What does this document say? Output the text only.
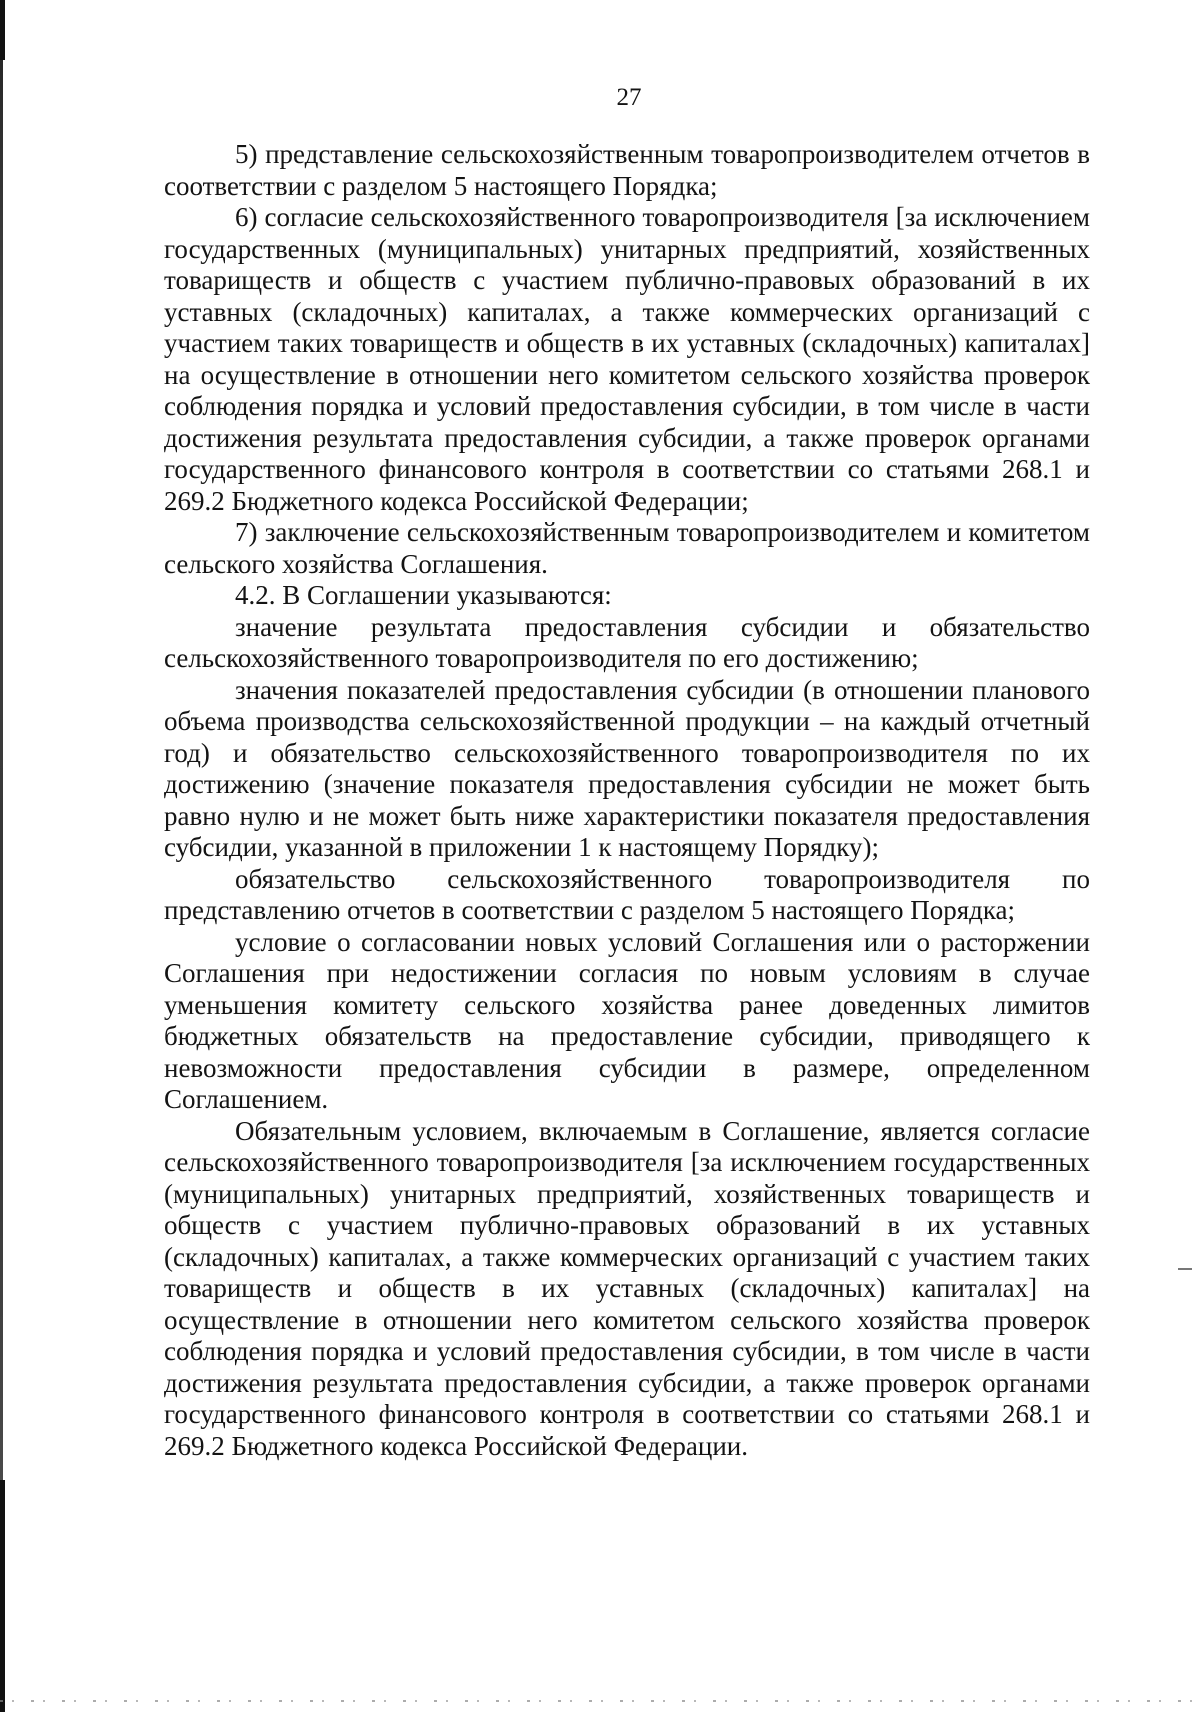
27

5) представление сельскохозяйственным товаропроизводителем отчетов в соответствии с разделом 5 настоящего Порядка;

6) согласие сельскохозяйственного товаропроизводителя [за исключением государственных (муниципальных) унитарных предприятий, хозяйственных товариществ и обществ с участием публично-правовых образований в их уставных (складочных) капиталах, а также коммерческих организаций с участием таких товариществ и обществ в их уставных (складочных) капиталах] на осуществление в отношении него комитетом сельского хозяйства проверок соблюдения порядка и условий предоставления субсидии, в том числе в части достижения результата предоставления субсидии, а также проверок органами государственного финансового контроля в соответствии со статьями 268.1 и 269.2 Бюджетного кодекса Российской Федерации;

7) заключение сельскохозяйственным товаропроизводителем и комитетом сельского хозяйства Соглашения.

4.2. В Соглашении указываются:

значение результата предоставления субсидии и обязательство сельскохозяйственного товаропроизводителя по его достижению;

значения показателей предоставления субсидии (в отношении планового объема производства сельскохозяйственной продукции – на каждый отчетный год) и обязательство сельскохозяйственного товаропроизводителя по их достижению (значение показателя предоставления субсидии не может быть равно нулю и не может быть ниже характеристики показателя предоставления субсидии, указанной в приложении 1 к настоящему Порядку);

обязательство сельскохозяйственного товаропроизводителя по представлению отчетов в соответствии с разделом 5 настоящего Порядка;

условие о согласовании новых условий Соглашения или о расторжении Соглашения при недостижении согласия по новым условиям в случае уменьшения комитету сельского хозяйства ранее доведенных лимитов бюджетных обязательств на предоставление субсидии, приводящего к невозможности предоставления субсидии в размере, определенном Соглашением.

Обязательным условием, включаемым в Соглашение, является согласие сельскохозяйственного товаропроизводителя [за исключением государственных (муниципальных) унитарных предприятий, хозяйственных товариществ и обществ с участием публично-правовых образований в их уставных (складочных) капиталах, а также коммерческих организаций с участием таких товариществ и обществ в их уставных (складочных) капиталах] на осуществление в отношении него комитетом сельского хозяйства проверок соблюдения порядка и условий предоставления субсидии, в том числе в части достижения результата предоставления субсидии, а также проверок органами государственного финансового контроля в соответствии со статьями 268.1 и 269.2 Бюджетного кодекса Российской Федерации.
